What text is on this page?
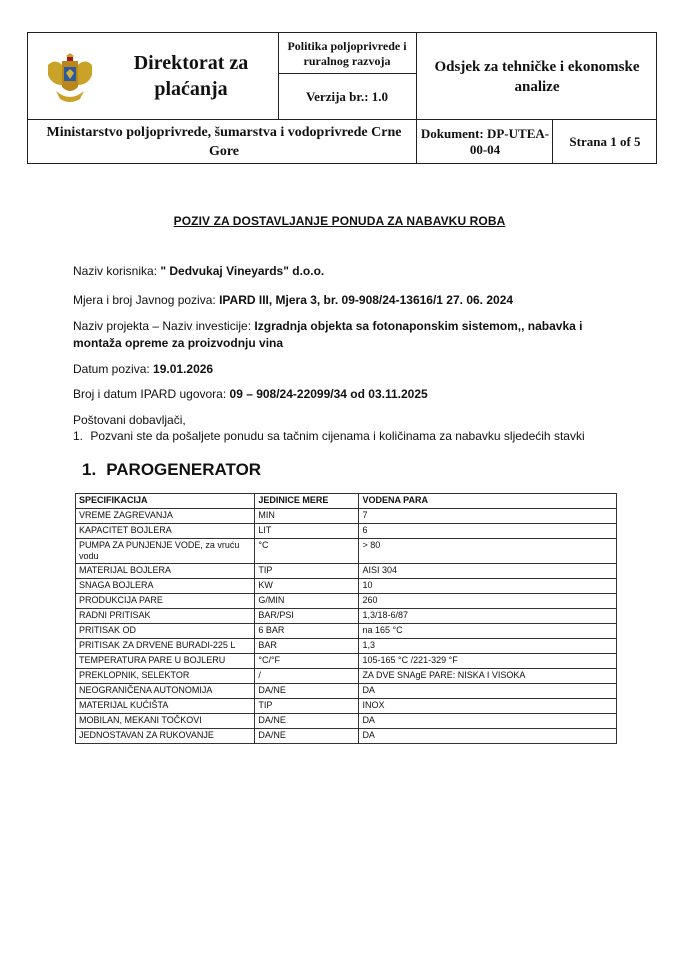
Direktorat za plaćanja
Politika poljoprivrede i ruralnog razvoja
Verzija br.: 1.0
Odsjek za tehničke i ekonomske analize
Ministarstvo poljoprivrede, šumarstva i vodoprivrede Crne Gore
Dokument: DP-UTEA-00-04
Strana 1 of 5
POZIV ZA DOSTAVLJANJE PONUDA ZA NABAVKU ROBA
Naziv korisnika: " Dedvukaj Vineyards" d.o.o.
Mjera i broj Javnog poziva: IPARD III, Mjera 3, br. 09-908/24-13616/1 27. 06. 2024
Naziv projekta – Naziv investicije: Izgradnja objekta sa fotonaponskim sistemom,, nabavka i montaža opreme za proizvodnju vina
Datum poziva: 19.01.2026
Broj i datum IPARD ugovora: 09 – 908/24-22099/34 od 03.11.2025
Poštovani dobavljači,
1. Pozvani ste da pošaljete ponudu sa tačnim cijenama i količinama za nabavku sljedećih stavki
1. PAROGENERATOR
SPECIFIKACIJA	JEDINICE MERE	VODENA PARA
VREME ZAGREVANJA	MIN	7
KAPACITET BOJLERA	LIT	6
PUMPA ZA PUNJENJE VODE, za vruću vodu	°C	> 80
MATERIJAL BOJLERA	TIP	AISI 304
SNAGA BOJLERA	KW	10
PRODUKCIJA PARE	G/MIN	260
RADNI PRITISAK	BAR/PSI	1,3/18-6/87
PRITISAK OD	6 BAR	na 165 °C
PRITISAK ZA DRVENE BURADI-225 L	BAR	1,3
TEMPERATURA PARE U BOJLERU	°C/°F	105-165 °C /221-329 °F
PREKLOPNIK, SELEKTOR	/	ZA DVE SNAgE PARE: NISKA I VISOKA
NEOGRANIČENA AUTONOMIJA	DA/NE	DA
MATERIJAL KUĆIŠTA	TIP	INOX
MOBILAN, MEKANI TOČKOVI	DA/NE	DA
JEDNOSTAVAN ZA RUKOVANJE	DA/NE	DA
